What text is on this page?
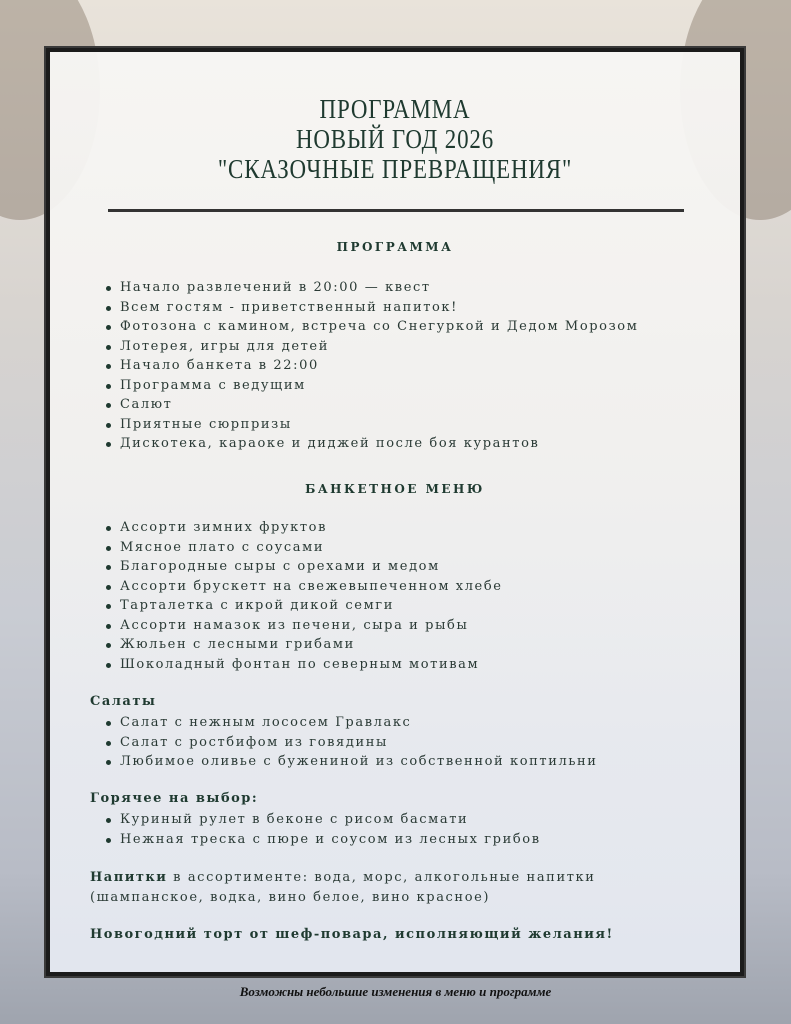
ПРОГРАММА
НОВЫЙ ГОД 2026
"СКАЗОЧНЫЕ ПРЕВРАЩЕНИЯ"
ПРОГРАММА
Начало развлечений в 20:00 — квест
Всем гостям - приветственный напиток!
Фотозона с камином, встреча со Снегуркой и Дедом Морозом
Лотерея, игры для детей
Начало банкета в 22:00
Программа с ведущим
Салют
Приятные сюрпризы
Дискотека, караоке и диджей после боя курантов
БАНКЕТНОЕ МЕНЮ
Ассорти зимних фруктов
Мясное плато с соусами
Благородные сыры с орехами и медом
Ассорти брускетт на свежевыпеченном хлебе
Тарталетка с икрой дикой семги
Ассорти намазок из печени, сыра и рыбы
Жюльен с лесными грибами
Шоколадный фонтан по северным мотивам
Салаты
Салат с нежным лососем Гравлакс
Салат с ростбифом из говядины
Любимое оливье с бужениной из собственной коптильни
Горячее на выбор:
Куриный рулет в беконе с рисом басмати
Нежная треска с пюре и соусом из лесных грибов
Напитки в ассортименте: вода, морс, алкогольные напитки
(шампанское, водка, вино белое, вино красное)
Новогодний торт от шеф-повара, исполняющий желания!
Возможны небольшие изменения в меню и программе
